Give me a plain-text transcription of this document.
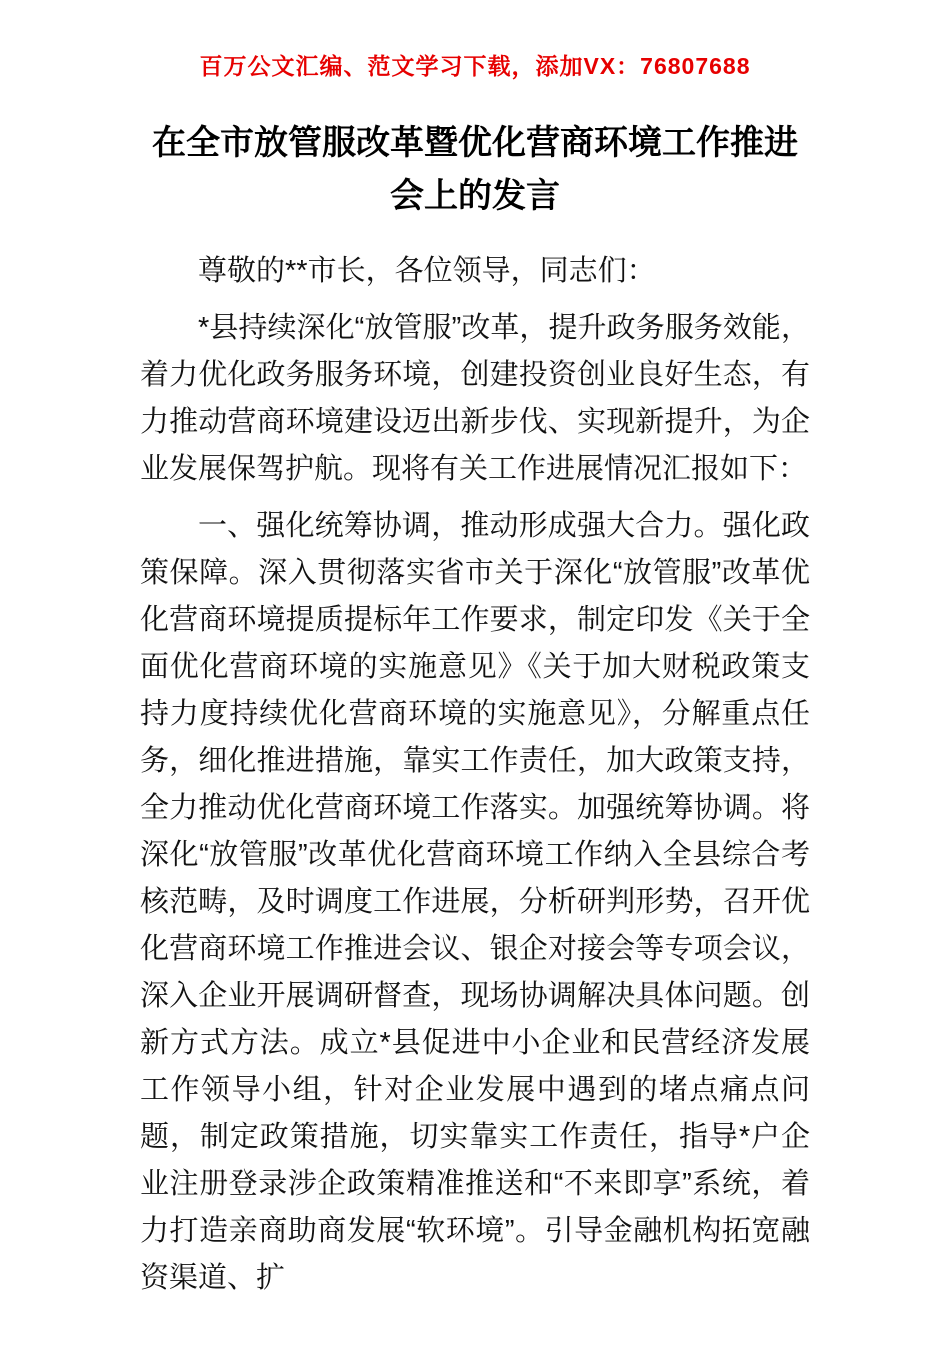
百万公文汇编、范文学习下载，添加VX：76807688
在全市放管服改革暨优化营商环境工作推进会上的发言

尊敬的**市长，各位领导，同志们：

*县持续深化“放管服”改革，提升政务服务效能，着力优化政务服务环境，创建投资创业良好生态，有力推动营商环境建设迈出新步伐、实现新提升，为企业发展保驾护航。现将有关工作进展情况汇报如下：

一、强化统筹协调，推动形成强大合力。强化政策保障。深入贯彻落实省市关于深化“放管服”改革优化营商环境提质提标年工作要求，制定印发《关于全面优化营商环境的实施意见》《关于加大财税政策支持力度持续优化营商环境的实施意见》，分解重点任务，细化推进措施，靠实工作责任，加大政策支持，全力推动优化营商环境工作落实。加强统筹协调。将深化“放管服”改革优化营商环境工作纳入全县综合考核范畴，及时调度工作进展，分析研判形势，召开优化营商环境工作推进会议、银企对接会等专项会议，深入企业开展调研督查，现场协调解决具体问题。创新方式方法。成立*县促进中小企业和民营经济发展工作领导小组，针对企业发展中遇到的堵点痛点问题，制定政策措施，切实靠实工作责任，指导*户企业注册登录涉企政策精准推送和“不来即享”系统，着力打造亲商助商发展“软环境”。引导金融机构拓宽融资渠道、扩
